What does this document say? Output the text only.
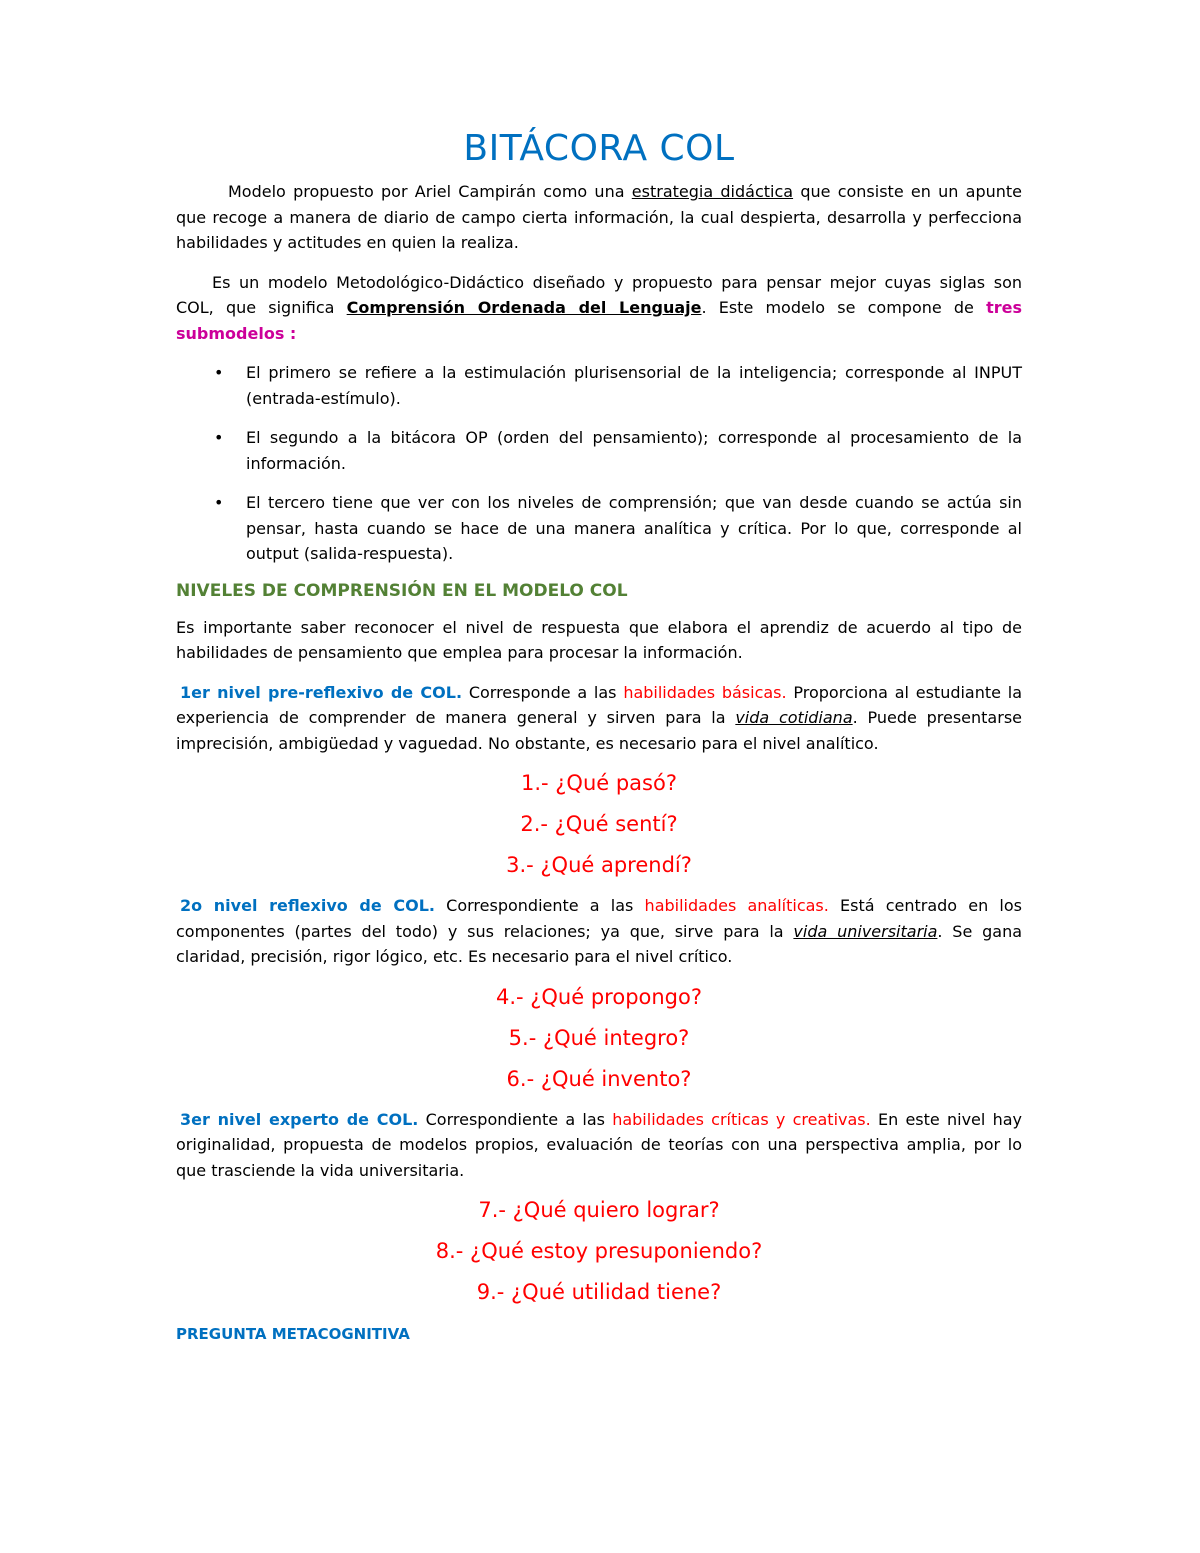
BITÁCORA COL

Modelo propuesto por Ariel Campirán como una estrategia didáctica que consiste en un apunte que recoge a manera de diario de campo cierta información, la cual despierta, desarrolla y perfecciona habilidades y actitudes en quien la realiza.

Es un modelo Metodológico-Didáctico diseñado y propuesto para pensar mejor cuyas siglas son COL, que significa Comprensión Ordenada del Lenguaje. Este modelo se compone de tres submodelos :

• El primero se refiere a la estimulación plurisensorial de la inteligencia; corresponde al INPUT (entrada-estímulo).
• El segundo a la bitácora OP (orden del pensamiento); corresponde al procesamiento de la información.
• El tercero tiene que ver con los niveles de comprensión; que van desde cuando se actúa sin pensar, hasta cuando se hace de una manera analítica y crítica. Por lo que, corresponde al output (salida-respuesta).
NIVELES DE COMPRENSIÓN EN EL MODELO COL

Es importante saber reconocer el nivel de respuesta que elabora el aprendiz de acuerdo al tipo de habilidades de pensamiento que emplea para procesar la información.

1er nivel pre-reflexivo de COL. Corresponde a las habilidades básicas. Proporciona al estudiante la experiencia de comprender de manera general y sirven para la vida cotidiana. Puede presentarse imprecisión, ambigüedad y vaguedad. No obstante, es necesario para el nivel analítico.

1.- ¿Qué pasó?
2.- ¿Qué sentí?
3.- ¿Qué aprendí?

2o nivel reflexivo de COL. Correspondiente a las habilidades analíticas. Está centrado en los componentes (partes del todo) y sus relaciones; ya que, sirve para la vida universitaria. Se gana claridad, precisión, rigor lógico, etc. Es necesario para el nivel crítico.

4.- ¿Qué propongo?
5.- ¿Qué integro?
6.- ¿Qué invento?

3er nivel experto de COL. Correspondiente a las habilidades críticas y creativas. En este nivel hay originalidad, propuesta de modelos propios, evaluación de teorías con una perspectiva amplia, por lo que trasciende la vida universitaria.

7.- ¿Qué quiero lograr?
8.- ¿Qué estoy presuponiendo?
9.- ¿Qué utilidad tiene?
PREGUNTA METACOGNITIVA
